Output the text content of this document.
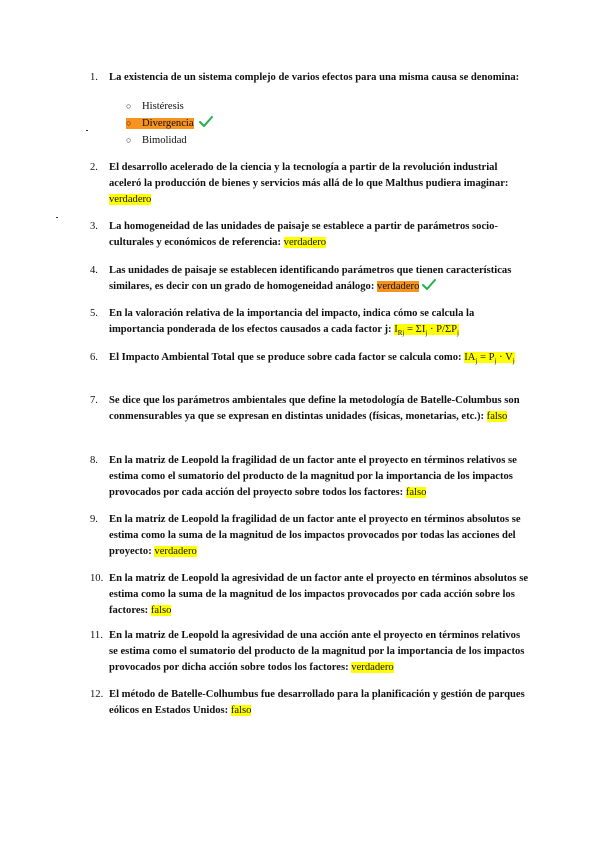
1. La existencia de un sistema complejo de varios efectos para una misma causa se denomina:
○ Histéresis
○ Divergencia
○ Bimolidad
2. El desarrollo acelerado de la ciencia y la tecnología a partir de la revolución industrial aceleró la producción de bienes y servicios más allá de lo que Malthus pudiera imaginar: verdadero
3. La homogeneidad de las unidades de paisaje se establece a partir de parámetros socio-culturales y económicos de referencia: verdadero
4. Las unidades de paisaje se establecen identificando parámetros que tienen características similares, es decir con un grado de homogeneidad análogo: verdadero
5. En la valoración relativa de la importancia del impacto, indica cómo se calcula la importancia ponderada de los efectos causados a cada factor j: $I_{Rj} = \Sigma I_j \cdot P/\Sigma P_j$
6. El Impacto Ambiental Total que se produce sobre cada factor se calcula como: $IA_j = P_j \cdot V_j$
7. Se dice que los parámetros ambientales que define la metodología de Batelle-Columbus son conmensurables ya que se expresan en distintas unidades (físicas, monetarias, etc.): falso
8. En la matriz de Leopold la fragilidad de un factor ante el proyecto en términos relativos se estima como el sumatorio del producto de la magnitud por la importancia de los impactos provocados por cada acción del proyecto sobre todos los factores: falso
9. En la matriz de Leopold la fragilidad de un factor ante el proyecto en términos absolutos se estima como la suma de la magnitud de los impactos provocados por todas las acciones del proyecto: verdadero
10. En la matriz de Leopold la agresividad de un factor ante el proyecto en términos absolutos se estima como la suma de la magnitud de los impactos provocados por cada acción sobre los factores: falso
11. En la matriz de Leopold la agresividad de una acción ante el proyecto en términos relativos se estima como el sumatorio del producto de la magnitud por la importancia de los impactos provocados por dicha acción sobre todos los factores: verdadero
12. El método de Batelle-Colhumbus fue desarrollado para la planificación y gestión de parques eólicos en Estados Unidos: falso
